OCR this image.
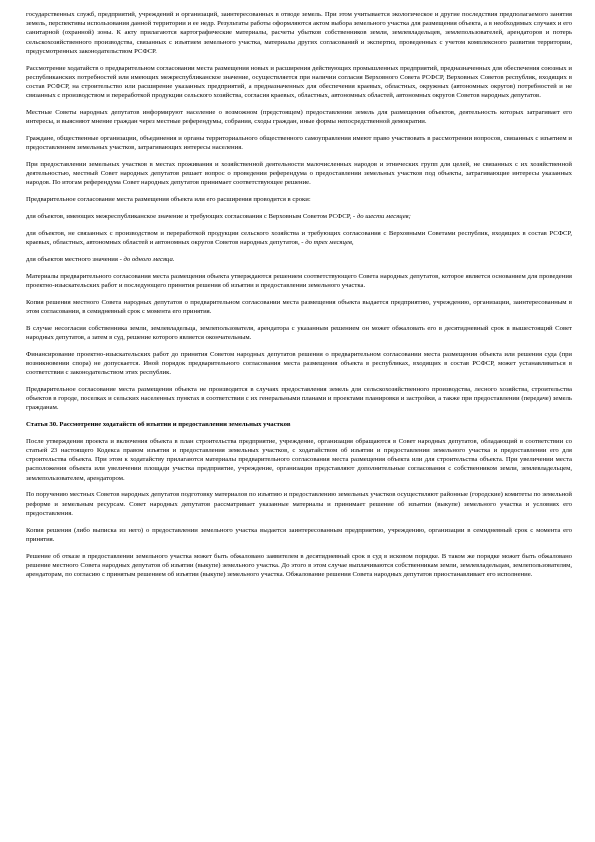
государственных служб, предприятий, учреждений и организаций, заинтересованных в отводе земель. При этом учитывается экологическое и другие последствия предполагаемого занятия земель, перспективы использования данной территории и ее недр. Результаты работы оформляются актом выбора земельного участка для размещения объекта, а в необходимых случаях и его санитарной (охранной) зоны. К акту прилагаются картографические материалы, расчеты убытков собственников земли, землевладельцев, землепользователей, арендаторов и потерь сельскохозяйственного производства, связанных с изъятием земельного участка, материалы других согласований и экспертиз, проведенных с учетом комплексного развития территории, предусмотренных законодательством РСФСР.

Рассмотрение ходатайств о предварительном согласовании места размещения новых и расширения действующих промышленных предприятий, предназначенных для обеспечения союзных и республиканских потребностей или имеющих межреспубликанское значение, осуществляется при наличии согласия Верховного Совета РСФСР, Верховных Советов республик, входящих в состав РСФСР, на строительство или расширение указанных предприятий, а предназначенных для обеспечения краевых, областных, окружных (автономных округов) потребностей и не связанных с производством и переработкой продукции сельского хозяйства, согласия краевых, областных, автономных областей, автономных округов Советов народных депутатов.

Местные Советы народных депутатов информируют население о возможном (предстоящем) предоставлении земель для размещения объектов, деятельность которых затрагивает его интересы, и выясняют мнение граждан через местные референдумы, собрания, сходы граждан, иные формы непосредственной демократии.

Граждане, общественные организации, объединения и органы территориального общественного самоуправления имеют право участвовать в рассмотрении вопросов, связанных с изъятием и предоставлением земельных участков, затрагивающих интересы населения.

При предоставлении земельных участков в местах проживания и хозяйственной деятельности малочисленных народов и этнических групп для целей, не связанных с их хозяйственной деятельностью, местный Совет народных депутатов решает вопрос о проведении референдума о предоставлении земельных участков под объекты, затрагивающие интересы указанных народов. По итогам референдума Совет народных депутатов принимает соответствующее решение.

Предварительное согласование места размещения объекта или его расширения проводится в сроки:

для объектов, имеющих межреспубликанское значение и требующих согласования с Верховным Советом РСФСР, - до шести месяцев;

для объектов, не связанных с производством и переработкой продукции сельского хозяйства и требующих согласования с Верховными Советами республик, входящих в состав РСФСР, краевых, областных, автономных областей и автономных округов Советов народных депутатов, - до трех месяцев,

для объектов местного значения - до одного месяца.

Материалы предварительного согласования места размещения объекта утверждаются решением соответствующего Совета народных депутатов, которое является основанием для проведения проектно-изыскательских работ и последующего принятия решения об изъятии и предоставлении земельного участка.

Копия решения местного Совета народных депутатов о предварительном согласовании места размещения объекта выдается предприятию, учреждению, организации, заинтересованным в этом согласовании, в семидневный срок с момента его принятия.

В случае несогласия собственника земли, землевладельца, землепользователя, арендатора с указанным решением он может обжаловать его в десятидневный срок в вышестоящий Совет народных депутатов, а затем в суд, решение которого является окончательным.

Финансирование проектно-изыскательских работ до принятия Советом народных депутатов решения о предварительном согласовании места размещения объекта или решения суда (при возникновении спора) не допускается. Иной порядок предварительного согласования места размещения объекта в республиках, входящих в состав РСФСР, может устанавливаться в соответствии с законодательством этих республик.

Предварительное согласование места размещения объекта не производится в случаях предоставления земель для сельскохозяйственного производства, лесного хозяйства, строительства объектов в городе, поселках и сельских населенных пунктах в соответствии с их генеральными планами и проектами планировки и застройки, а также при предоставлении (передаче) земель гражданам.

Статья 30. Рассмотрение ходатайств об изъятии и предоставлении земельных участков

После утверждения проекта и включения объекта в план строительства предприятие, учреждение, организация обращаются в Совет народных депутатов, обладающий в соответствии со статьей 23 настоящего Кодекса правом изъятия и предоставления земельных участков, с ходатайством об изъятии и предоставлении земельного участка и предоставлении его для строительства объекта. При этом к ходатайству прилагаются материалы предварительного согласования места размещения объекта или для строительства объекта. При увеличении места расположения объекта или увеличении площади участка предприятие, учреждение, организация представляют дополнительные согласования с собственником земли, землевладельцем, землепользователем, арендатором.

По поручению местных Советов народных депутатов подготовку материалов по изъятию и предоставлению земельных участков осуществляют районные (городские) комитеты по земельной реформе и земельным ресурсам. Совет народных депутатов рассматривает указанные материалы и принимает решение об изъятии (выкупе) земельного участка и условиях его предоставления.

Копия решения (либо выписка из него) о предоставлении земельного участка выдается заинтересованным предприятию, учреждению, организации в семидневный срок с момента его принятия.

Решение об отказе в предоставлении земельного участка может быть обжаловано заявителем в десятидневный срок в суд в исковом порядке. В таком же порядке может быть обжаловано решение местного Совета народных депутатов об изъятии (выкупе) земельного участка. До этого в этом случае выплачиваются собственникам земли, землевладельцам, землепользователям, арендаторам, по согласию с принятым решением об изъятии (выкупе) земельного участка. Обжалование решения Совета народных депутатов приостанавливает его исполнение.
